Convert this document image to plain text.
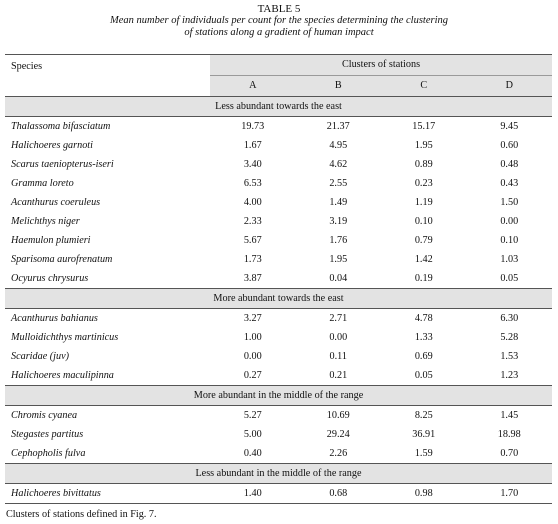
TABLE 5
Mean number of individuals per count for the species determining the clustering
of stations along a gradient of human impact
Species	Clusters of stations			
	A	B	C	D
Less abundant towards the east				
Thalassoma bifasciatum	19.73	21.37	15.17	9.45
Halichoeres garnoti	1.67	4.95	1.95	0.60
Scarus taeniopterus-iseri	3.40	4.62	0.89	0.48
Gramma loreto	6.53	2.55	0.23	0.43
Acanthurus coeruleus	4.00	1.49	1.19	1.50
Melichthys niger	2.33	3.19	0.10	0.00
Haemulon plumieri	5.67	1.76	0.79	0.10
Sparisoma aurofrenatum	1.73	1.95	1.42	1.03
Ocyurus chrysurus	3.87	0.04	0.19	0.05
More abundant towards the east				
Acanthurus bahianus	3.27	2.71	4.78	6.30
Mulloidichthys martinicus	1.00	0.00	1.33	5.28
Scaridae (juv)	0.00	0.11	0.69	1.53
Halichoeres maculipinna	0.27	0.21	0.05	1.23
More abundant in the middle of the range				
Chromis cyanea	5.27	10.69	8.25	1.45
Stegastes partitus	5.00	29.24	36.91	18.98
Cephopholis fulva	0.40	2.26	1.59	0.70
Less abundant in the middle of the range				
Halichoeres bivittatus	1.40	0.68	0.98	1.70
Clusters of stations defined in Fig. 7.
